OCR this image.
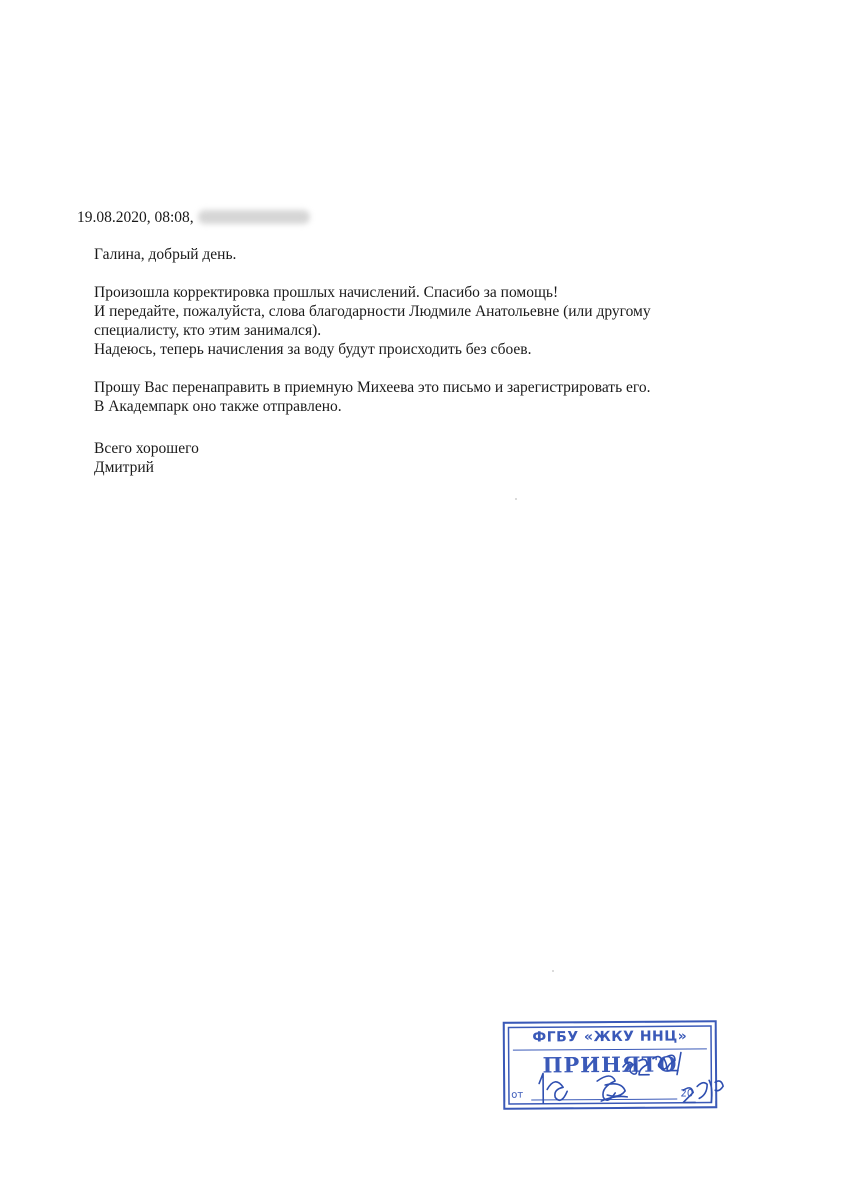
19.08.2020, 08:08,

Галина, добрый день.

Произошла корректировка прошлых начислений. Спасибо за помощь!
И передайте, пожалуйста, слова благодарности Людмиле Анатольевне (или другому
специалисту, кто этим занимался).
Надеюсь, теперь начисления за воду будут происходить без сбоев.

Прошу Вас перенаправить в приемную Михеева это письмо и зарегистрировать его.
В Академпарк оно также отправлено.

Всего хорошего
Дмитрий
ФГБУ «ЖКУ ННЦ»
ПРИНЯТО
от	20
